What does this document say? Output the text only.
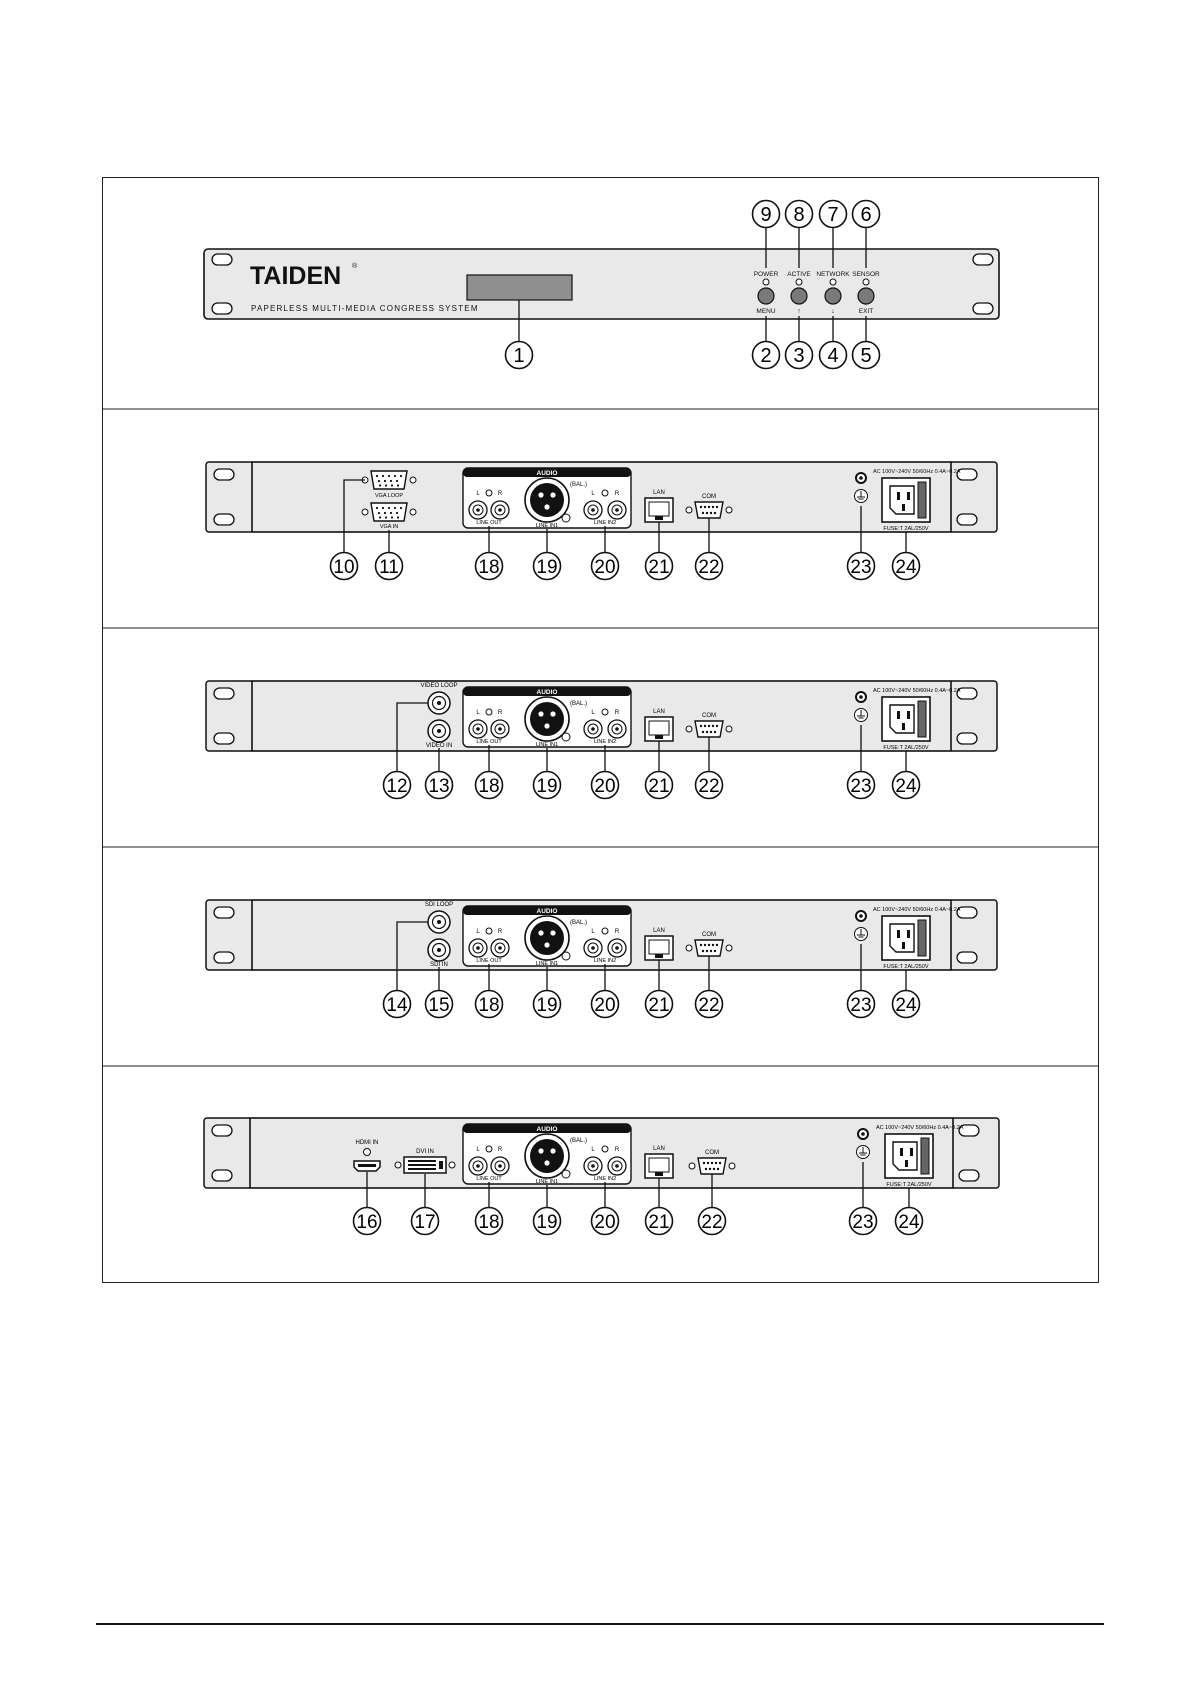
TAIDEN ®
PAPERLESS MULTI-MEDIA CONGRESS SYSTEM
POWER ACTIVE NETWORK SENSOR
MENU	↑	↓	EXIT
1	2 3 4 5
6
7
8
9
AUDIO
(BAL.)
L	R
LINE OUT	LINE IN1
L	R
LINE IN2
LAN
COM
AC 100V~240V 50/60Hz 0.4A~0.2A
FUSE:T 2AL/250V
VGA LOOP
VGA IN
10 11	18 19 20 21 22	23 24
AUDIO
(BAL.)
L	R
LINE OUT	LINE IN1
L	R
LINE IN2
LAN
COM
AC 100V~240V 50/60Hz 0.4A~0.2A
FUSE:T 2AL/250V
VIDEO LOOP
VIDEO IN
12 13 18 19 20 21 22	23 24
AUDIO
(BAL.)
L	R
LINE OUT	LINE IN1
L	R
LINE IN2
LAN
COM
AC 100V~240V 50/60Hz 0.4A~0.2A
FUSE:T 2AL/250V
SDI LOOP
SDI IN
14 15 18 19 20 21 22	23 24
AUDIO
(BAL.)
L	R
LINE OUT	LINE IN1
L	R
LINE IN2
LAN
COM
AC 100V~240V 50/60Hz 0.4A~0.2A
FUSE:T 2AL/250V
HDMI IN
DVI IN
16 17 18 19 20 21 22	23 24
